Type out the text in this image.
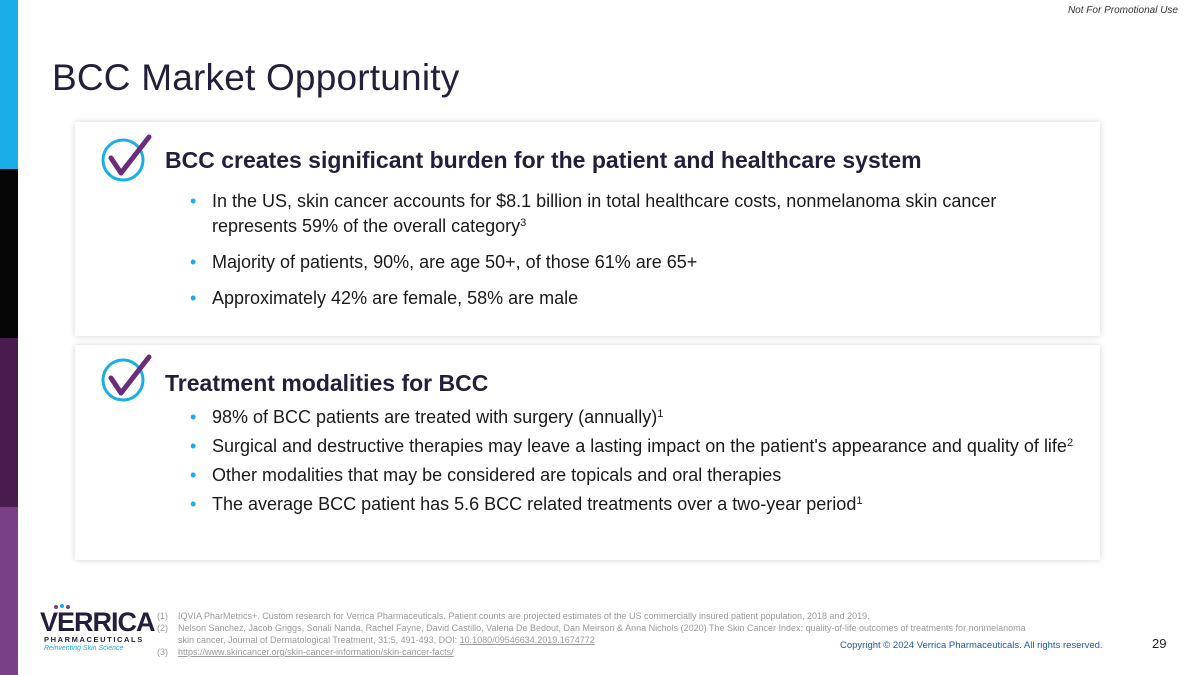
Not For Promotional Use
BCC Market Opportunity
BCC creates significant burden for the patient and healthcare system
• In the US, skin cancer accounts for $8.1 billion in total healthcare costs, nonmelanoma skin cancer represents 59% of the overall category$^3$
• Majority of patients, 90%, are age 50+, of those 61% are 65+
• Approximately 42% are female, 58% are male
Treatment modalities for BCC
• 98% of BCC patients are treated with surgery (annually)$^1$
• Surgical and destructive therapies may leave a lasting impact on the patient's appearance and quality of life$^2$
• Other modalities that may be considered are topicals and oral therapies
• The average BCC patient has 5.6 BCC related treatments over a two-year period$^1$
VERRICA
PHARMACEUTICALS
Reinventing Skin Science
(1) IQVIA PharMetrics+. Custom research for Verrica Pharmaceuticals. Patient counts are projected estimates of the US commercially insured patient population, 2018 and 2019.
(2) Nelson Sanchez, Jacob Griggs, Sonali Nanda, Rachel Fayne, David Castillo, Valeria De Bedout, Dan Meirson & Anna Nichols (2020) The Skin Cancer Index: quality-of-life outcomes of treatments for nonmelanoma skin cancer, Journal of Dermatological Treatment, 31:5, 491-493, DOI: 10.1080/09546634.2019.1674772
(3) https://www.skincancer.org/skin-cancer-information/skin-cancer-facts/
Copyright © 2024 Verrica Pharmaceuticals. All rights reserved.	29
